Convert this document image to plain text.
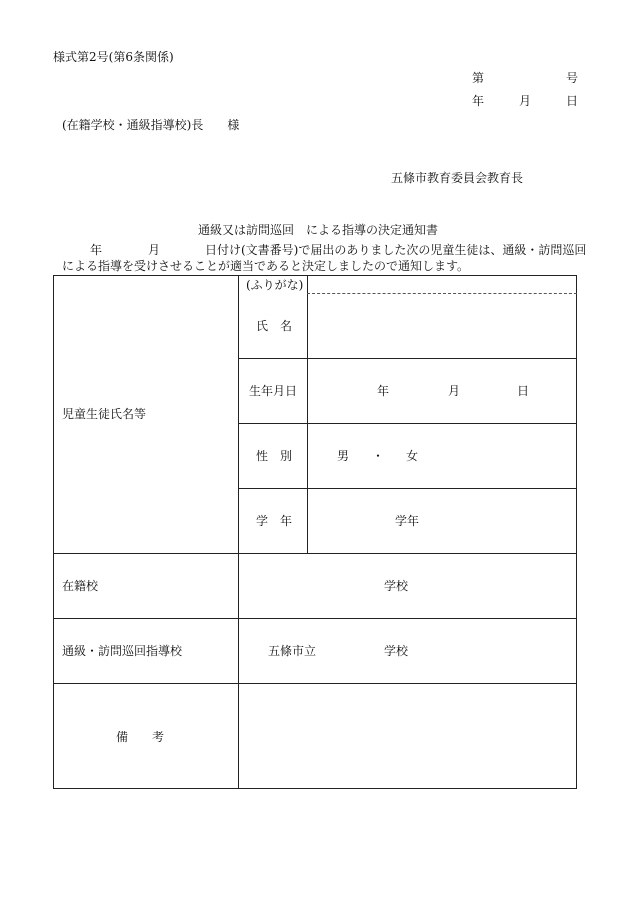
様式第2号(第6条関係)
第	号
年	月	日
(在籍学校・通級指導校)長　　様
五條市教育委員会教育長
通級又は訪問巡回　による指導の決定通知書
年	月	日付け(文書番号)で届出のありました次の児童生徒は、通級・訪問巡回
による指導を受けさせることが適当であると決定しましたので通知します。
児童生徒氏名等
(ふりがな)
氏　名
生年月日	年	月	日
性　別	男 ・ 女
学　年	学年
在籍校	学校
通級・訪問巡回指導校	五條市立	学校
備　　考
